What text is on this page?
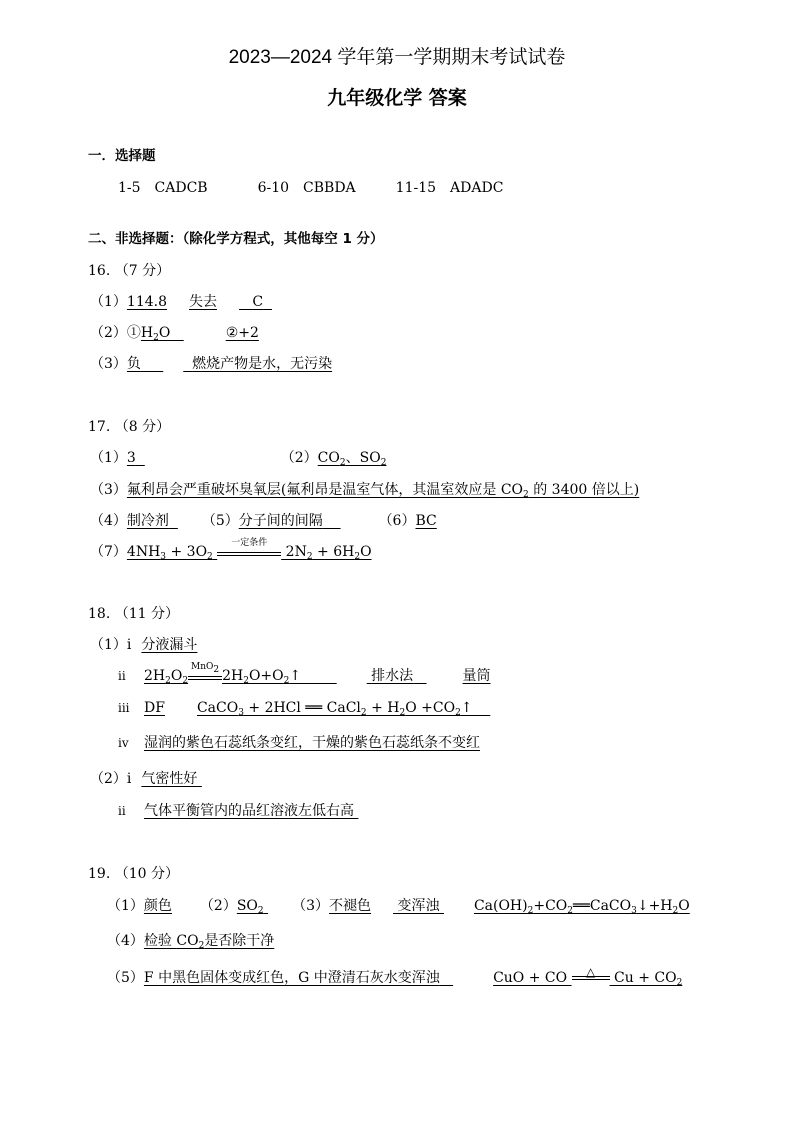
2023—2024 学年第一学期期末考试试卷
九年级化学 答案
一．选择题
1-5 CADCB	6-10 CBBDA	11-15 ADADC
二、非选择题：（除化学方程式，其他每空 1 分）
16. （7 分）
（1）114.8 失去	C
$(2)①H_2O$	②+2
（3）负	燃烧产物是水，无污染
17. （8 分）
（1）3	$(2)CO_2$、$SO_2$
（3）氟利昂会严重破坏臭氧层(氟利昂是温室气体，其温室效应是 $CO_2$ 的 3400 倍以上)
（4）制冷剂 （5）分子间的间隔	（6）BC
$(7)4NH_3 + 3O_2$
一定条件
$2N_2 + 6H_2O$
18. （11 分）
（1）i 分液漏斗
ii $2H_2O_2$
MnO$_2$ $2H_2O+O_2↑$         排水法	量筒
iii DF CaCO$_3$ + 2HCl ══ CaCl$_2$ + $H_2O$ $+CO_2↑$
iv 湿润的紫色石蕊纸条变红，干燥的紫色石蕊纸条不变红
（2）i 气密性好
ii 气体平衡管内的品红溶液左低右高
19. （10 分）
（1）颜色 $(2)SO_2$ （3）不褪色 变浑浊 $Ca(OH)_2+CO_2══CaCO_3↓+H_2O$
（4）检验 $CO_2$是否除干净
（5）F 中黑色固体变成红色，G 中澄清石灰水变浑浊	CuO + CO	△	$Cu + CO_2$
